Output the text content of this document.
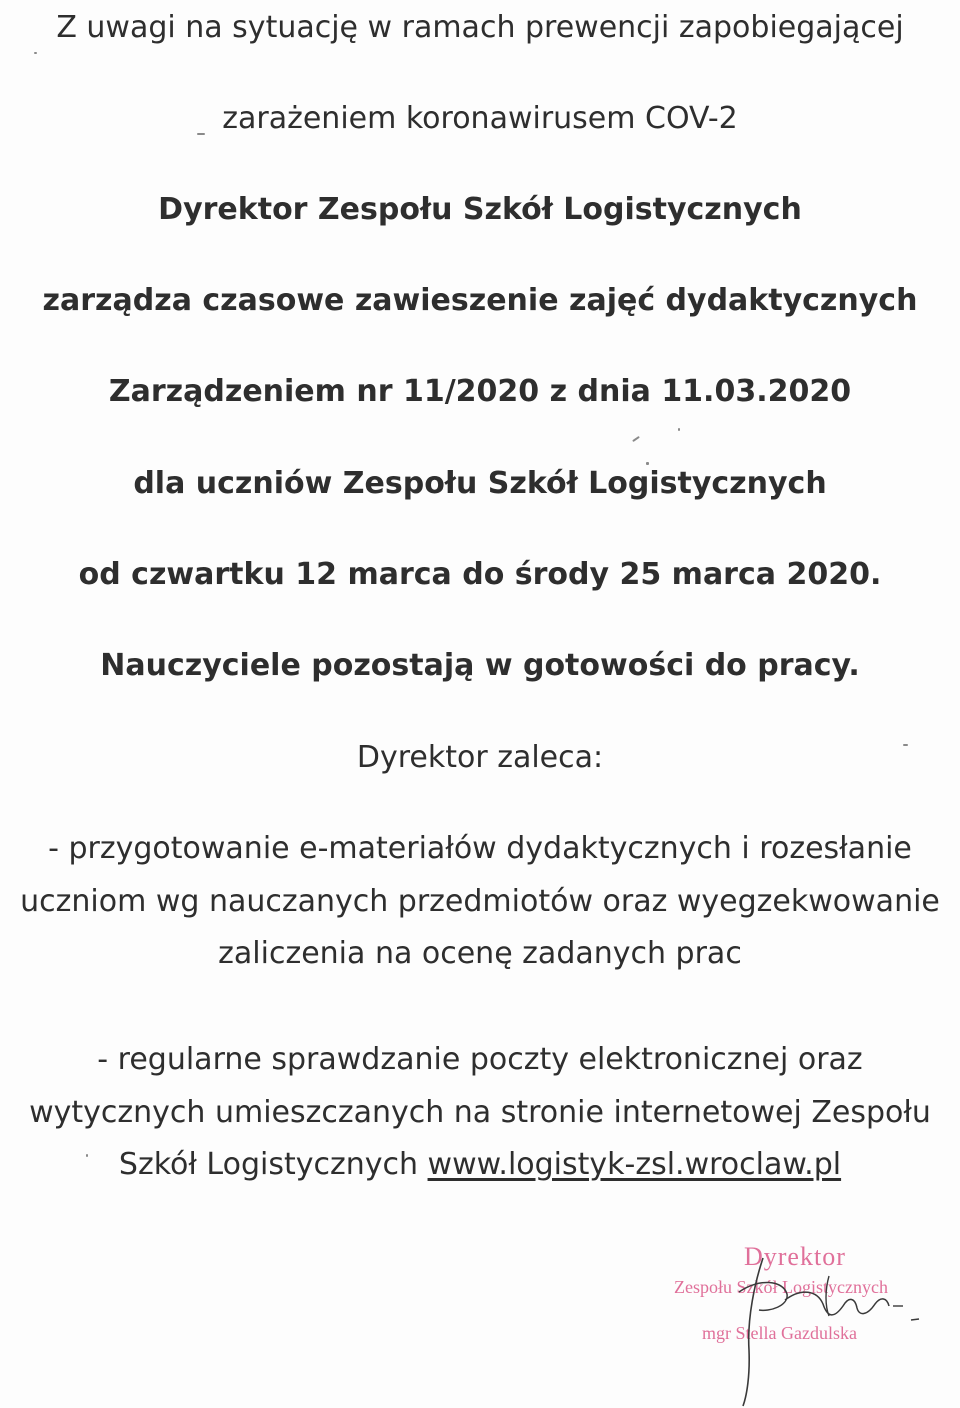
Z uwagi na sytuację w ramach prewencji zapobiegającej
zarażeniem koronawirusem COV-2
Dyrektor Zespołu Szkół Logistycznych
zarządza czasowe zawieszenie zajęć dydaktycznych
Zarządzeniem nr 11/2020 z dnia 11.03.2020
dla uczniów Zespołu Szkół Logistycznych
od czwartku 12 marca do środy 25 marca 2020.
Nauczyciele pozostają w gotowości do pracy.
Dyrektor zaleca:
- przygotowanie e-materiałów dydaktycznych i rozesłanie
uczniom wg nauczanych przedmiotów oraz wyegzekwowanie
zaliczenia na ocenę zadanych prac
- regularne sprawdzanie poczty elektronicznej oraz
wytycznych umieszczanych na stronie internetowej Zespołu
Szkół Logistycznych www.logistyk-zsl.wroclaw.pl
Dyrektor
Zespołu Szkół Logistycznych
mgr Stella Gazdulska
